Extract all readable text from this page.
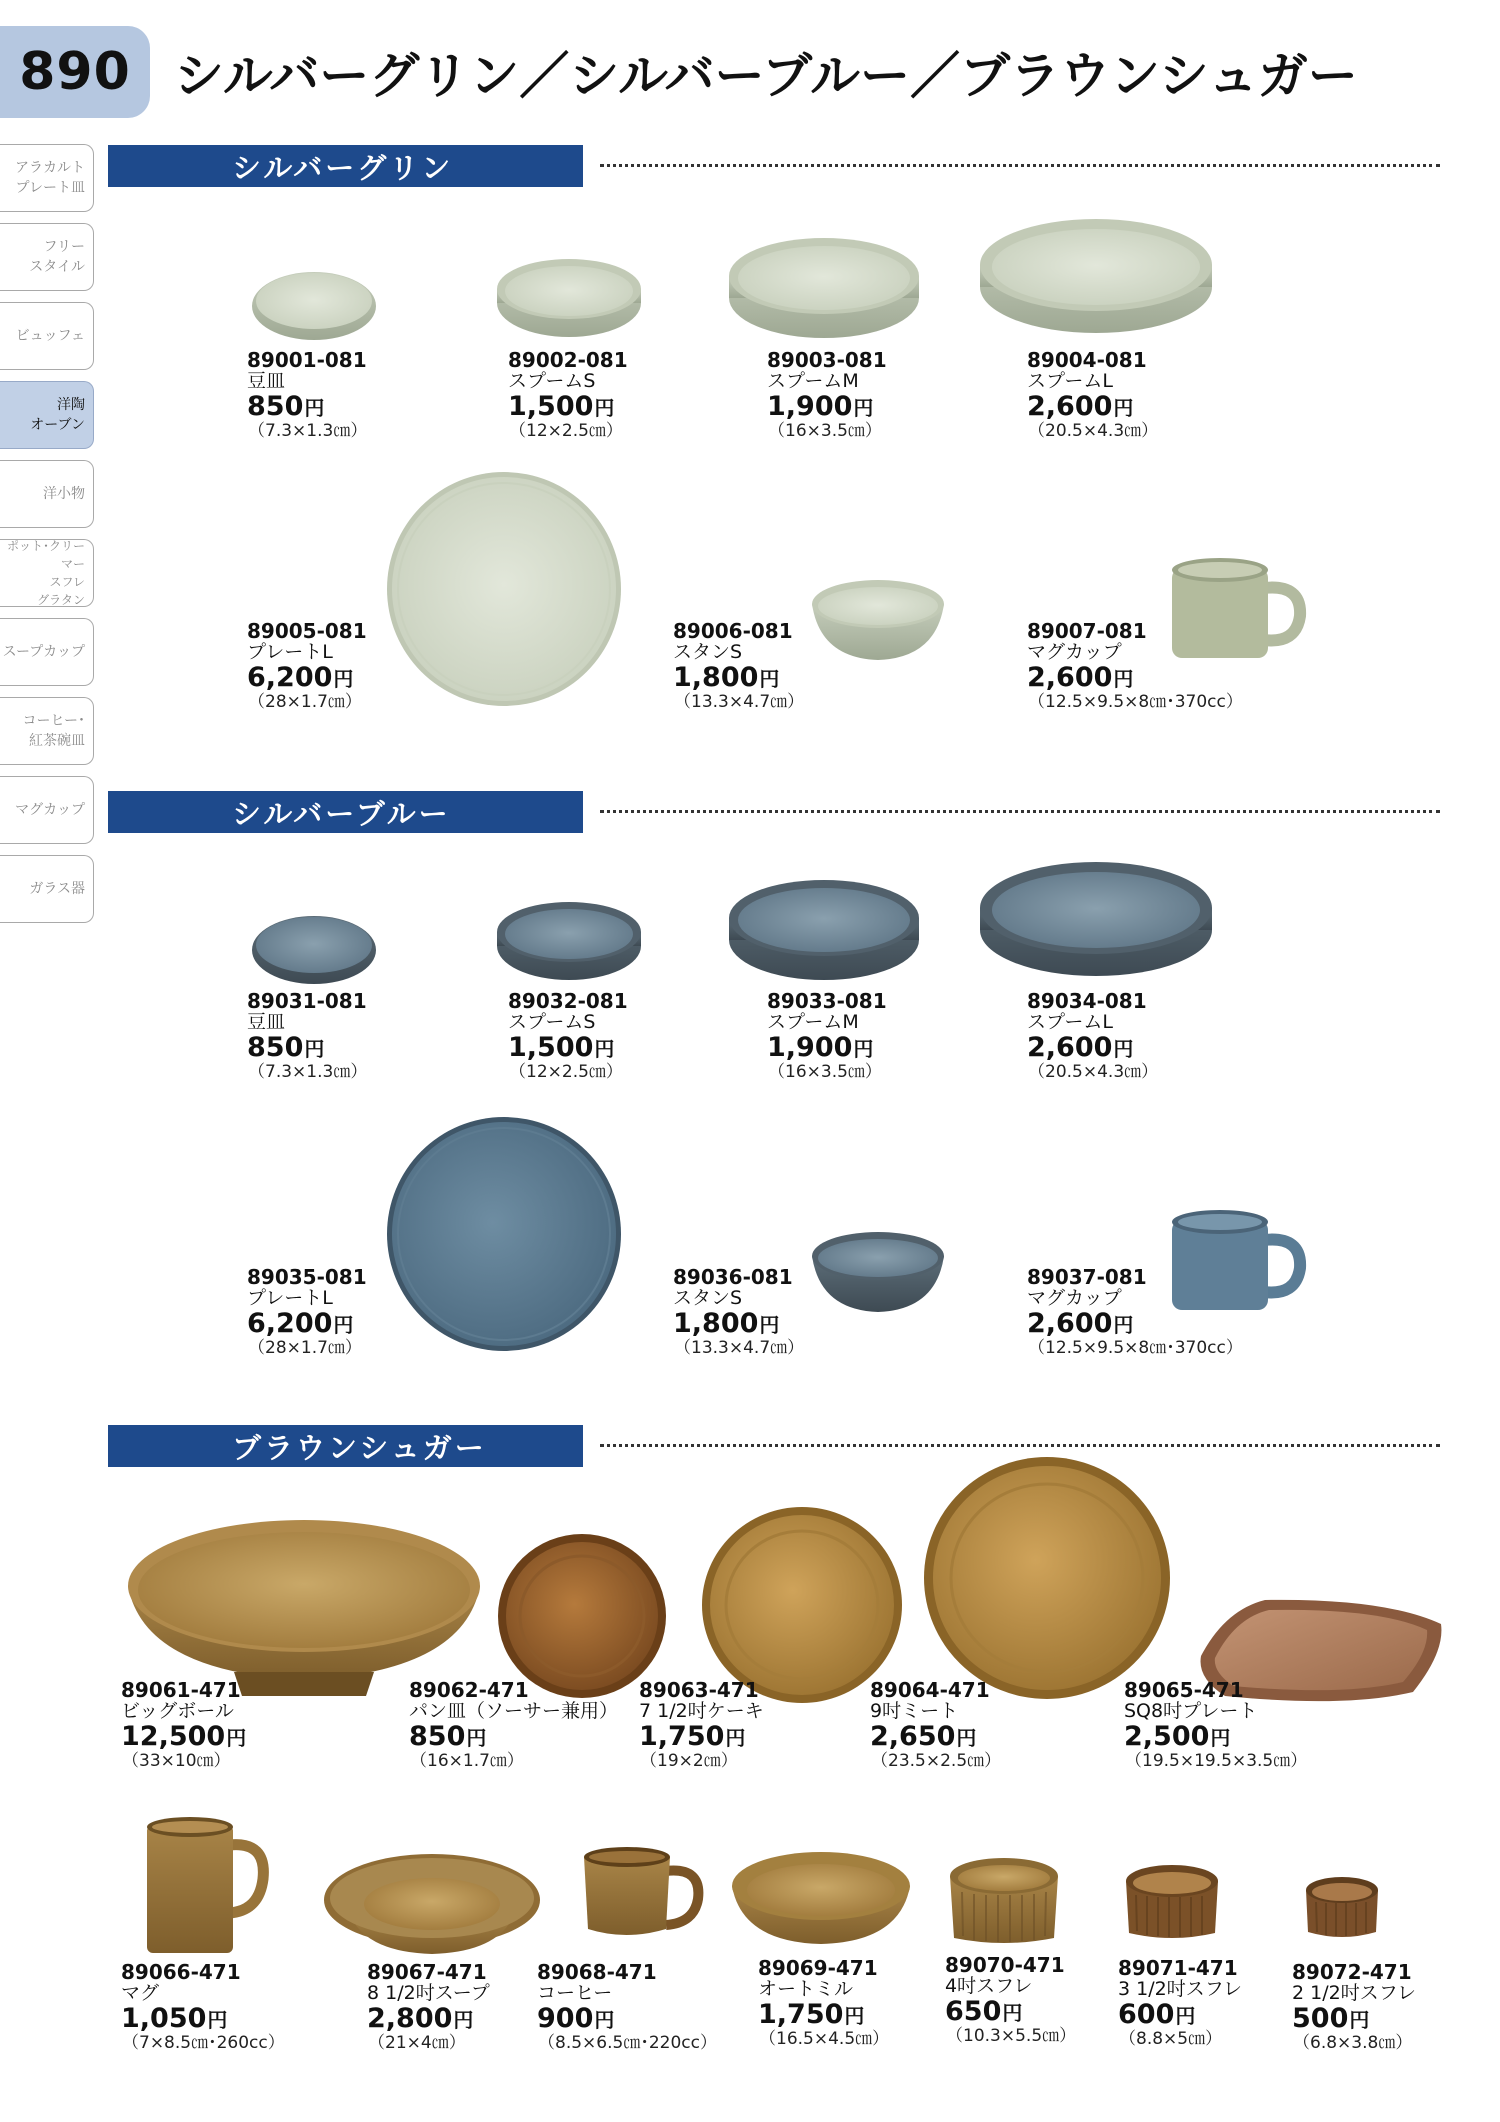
890 シルバーグリン／シルバーブルー／ブラウンシュガー
アラカルト
プレート皿
フリー
スタイル
ビュッフェ
洋陶
オーブン
洋小物
ポット･クリーマー
スフレ
グラタン
スープカップ
コーヒー･
紅茶碗皿
マグカップ
ガラス器
シルバーグリン
シルバーブルー
ブラウンシュガー
89001-081
豆皿
850円
（7.3×1.3㎝）
89002-081
スプームS
1,500円
（12×2.5㎝）
89003-081
スプームM
1,900円
（16×3.5㎝）
89004-081
スプームL
2,600円
（20.5×4.3㎝）
89005-081
プレートL
6,200円
（28×1.7㎝）
89006-081
スタンS
1,800円
（13.3×4.7㎝）
89007-081
マグカップ
2,600円
（12.5×9.5×8㎝･370cc）
89031-081
豆皿
850円
（7.3×1.3㎝）
89032-081
スプームS
1,500円
（12×2.5㎝）
89033-081
スプームM
1,900円
（16×3.5㎝）
89034-081
スプームL
2,600円
（20.5×4.3㎝）
89035-081
プレートL
6,200円
（28×1.7㎝）
89036-081
スタンS
1,800円
（13.3×4.7㎝）
89037-081
マグカップ
2,600円
（12.5×9.5×8㎝･370cc）
89061-471
ビッグボール
12,500円
（33×10㎝）
89062-471
パン皿（ソーサー兼用）
850円
（16×1.7㎝）
89063-471
7 1/2吋ケーキ
1,750円
（19×2㎝）
89064-471
9吋ミート
2,650円
（23.5×2.5㎝）
89065-471
SQ8吋プレート
2,500円
（19.5×19.5×3.5㎝）
89066-471
マグ
1,050円
（7×8.5㎝･260cc）
89067-471
8 1/2吋スープ
2,800円
（21×4㎝）
89068-471
コーヒー
900円
（8.5×6.5㎝･220cc）
89069-471
オートミル
1,750円
（16.5×4.5㎝）
89070-471
4吋スフレ
650円
（10.3×5.5㎝）
89071-471
3 1/2吋スフレ
600円
（8.8×5㎝）
89072-471
2 1/2吋スフレ
500円
（6.8×3.8㎝）
